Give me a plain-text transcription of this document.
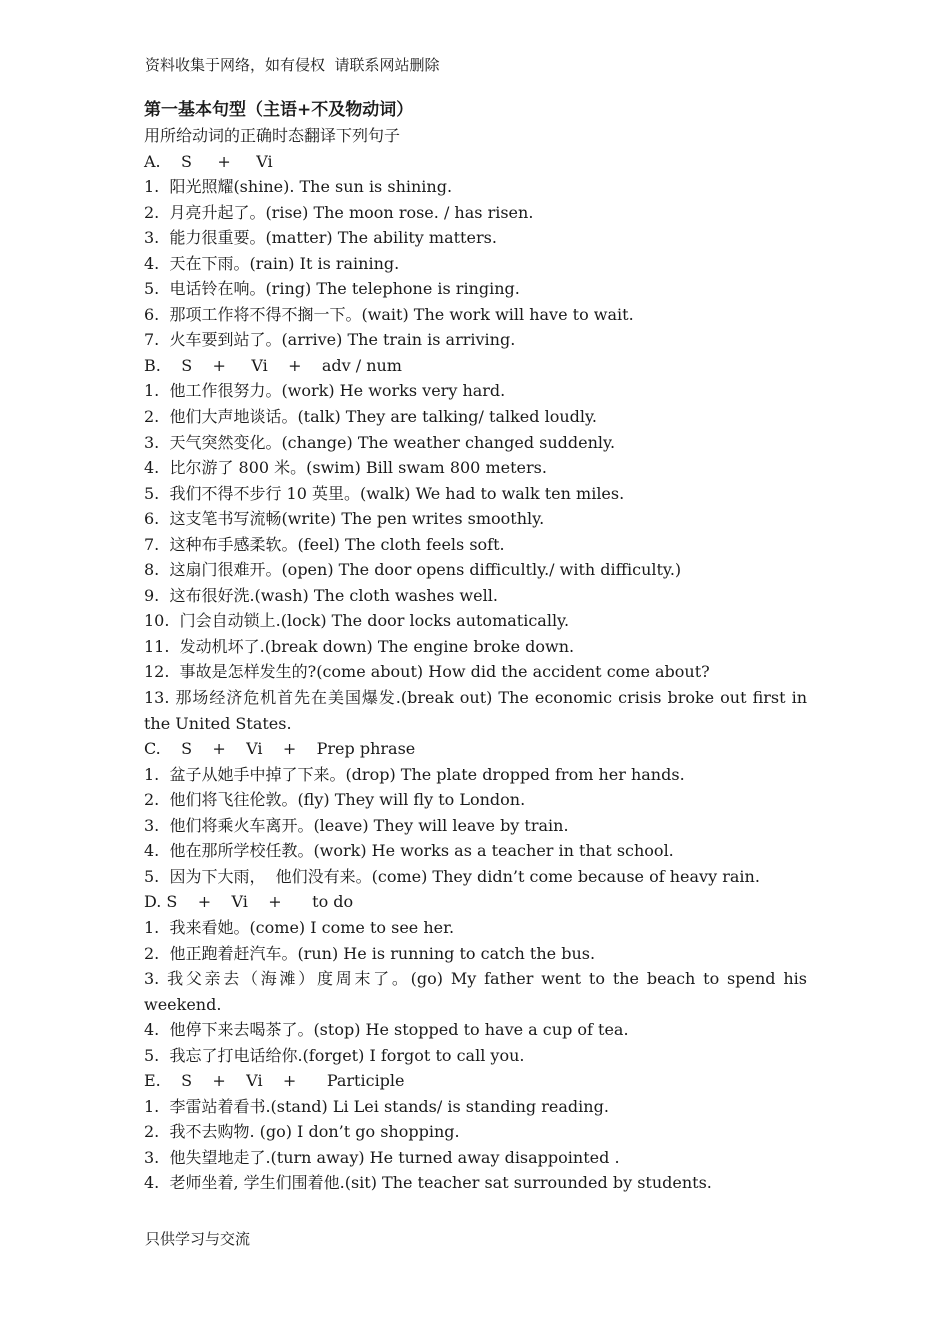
资料收集于网络，如有侵权  请联系网站删除
第一基本句型（主语+不及物动词）
用所给动词的正确时态翻译下列句子
A.    S     +     Vi
1.  阳光照耀(shine). The sun is shining.
2.  月亮升起了。(rise) The moon rose. / has risen.
3.  能力很重要。(matter) The ability matters.
4.  天在下雨。(rain) It is raining.
5.  电话铃在响。(ring) The telephone is ringing.
6.  那项工作将不得不搁一下。(wait) The work will have to wait.
7.  火车要到站了。(arrive) The train is arriving.
B.    S    +     Vi    +    adv / num
1.  他工作很努力。(work) He works very hard.
2.  他们大声地谈话。(talk) They are talking/ talked loudly.
3.  天气突然变化。(change) The weather changed suddenly.
4.  比尔游了 800 米。(swim) Bill swam 800 meters.
5.  我们不得不步行 10 英里。(walk) We had to walk ten miles.
6.  这支笔书写流畅(write) The pen writes smoothly.
7.  这种布手感柔软。(feel) The cloth feels soft.
8.  这扇门很难开。(open) The door opens difficultly./ with difficulty.)
9.  这布很好洗.(wash) The cloth washes well.
10.  门会自动锁上.(lock) The door locks automatically.
11.  发动机坏了.(break down) The engine broke down.
12.  事故是怎样发生的?(come about) How did the accident come about?
13. 那场经济危机首先在美国爆发.(break out) The economic crisis broke out first in the United States.
C.    S    +    Vi    +    Prep phrase
1.  盆子从她手中掉了下来。(drop) The plate dropped from her hands.
2.  他们将飞往伦敦。(fly) They will fly to London.
3.  他们将乘火车离开。(leave) They will leave by train.
4.  他在那所学校任教。(work) He works as a teacher in that school.
5.  因为下大雨，  他们没有来。(come) They didn’t come because of heavy rain.
D. S    +    Vi    +      to do
1.  我来看她。(come) I come to see her.
2.  他正跑着赶汽车。(run) He is running to catch the bus.
3. 我父亲去（海滩）度周末了。(go) My father went to the beach to spend his weekend.
4.  他停下来去喝茶了。(stop) He stopped to have a cup of tea.
5.  我忘了打电话给你.(forget) I forgot to call you.
E.    S    +    Vi    +      Participle
1.  李雷站着看书.(stand) Li Lei stands/ is standing reading.
2.  我不去购物. (go) I don’t go shopping.
3.  他失望地走了.(turn away) He turned away disappointed .
4.  老师坐着, 学生们围着他.(sit) The teacher sat surrounded by students.
只供学习与交流
